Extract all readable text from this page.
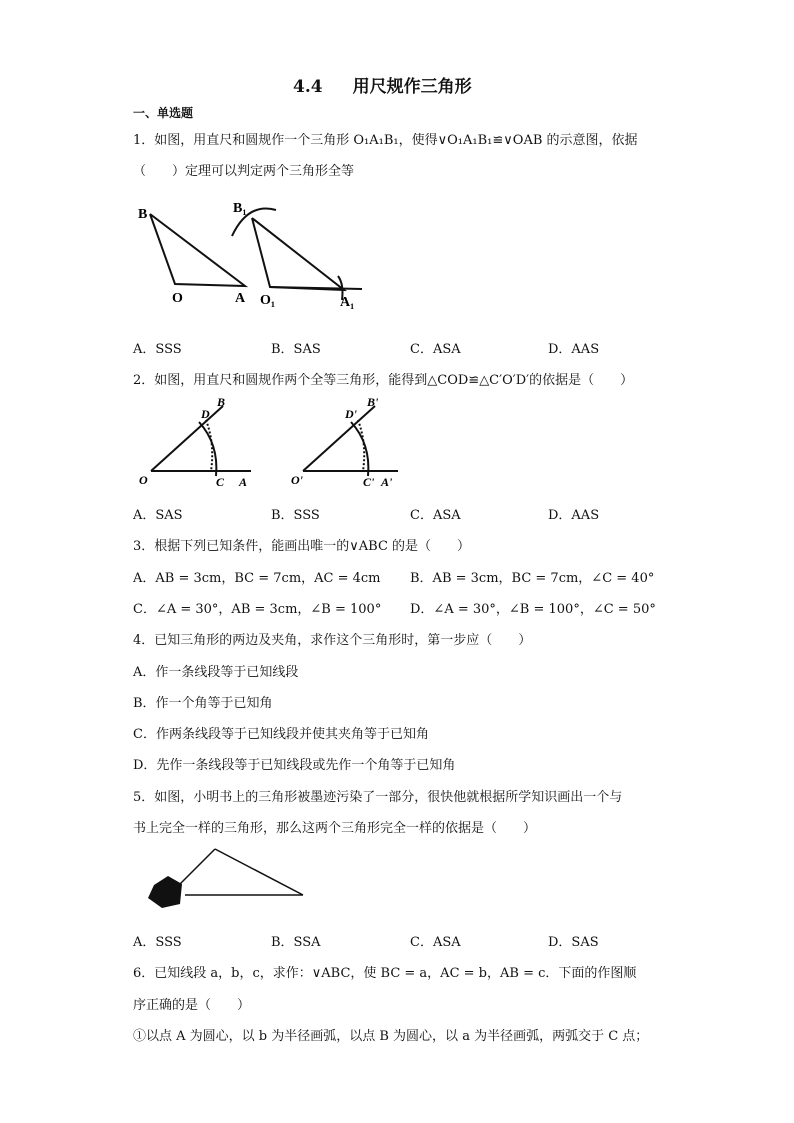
4.4 用尺规作三角形
一、单选题
1．如图，用直尺和圆规作一个三角形 O₁A₁B₁，使得∨O₁A₁B₁≌∨OAB 的示意图，依据
（　　）定理可以判定两个三角形全等
B
O	A
B₁
O₁	A₁
A．SSS	B．SAS	C．ASA	D．AAS
2．如图，用直尺和圆规作两个全等三角形，能得到△COD≌△C′O′D′的依据是（　　）
O	C A
D
B
O'	C' A'
D'
B'
A．SAS	B．SSS	C．ASA	D．AAS
3．根据下列已知条件，能画出唯一的∨ABC 的是（　　）
A．AB = 3cm，BC = 7cm，AC = 4cm B．AB = 3cm，BC = 7cm，∠C = 40°
C．∠A = 30°，AB = 3cm，∠B = 100° D．∠A = 30°，∠B = 100°，∠C = 50°
4．已知三角形的两边及夹角，求作这个三角形时，第一步应（　　）
A．作一条线段等于已知线段
B．作一个角等于已知角
C．作两条线段等于已知线段并使其夹角等于已知角
D．先作一条线段等于已知线段或先作一个角等于已知角
5．如图，小明书上的三角形被墨迹污染了一部分，很快他就根据所学知识画出一个与
书上完全一样的三角形，那么这两个三角形完全一样的依据是（　　）
A．SSS	B．SSA	C．ASA	D．SAS
6．已知线段 a，b，c，求作：∨ABC，使 BC = a，AC = b，AB = c．下面的作图顺
序正确的是（　　）
①以点 A 为圆心，以 b 为半径画弧，以点 B 为圆心，以 a 为半径画弧，两弧交于 C 点；
